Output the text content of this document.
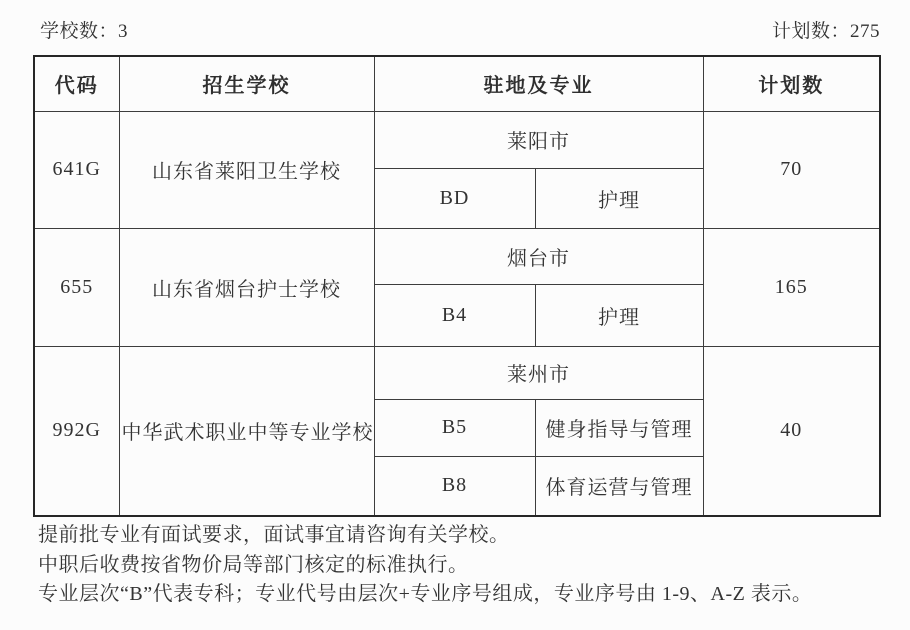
学校数：3	计划数：275
代码	招生学校	驻地及专业		计划数
641G	山东省莱阳卫生学校	莱阳市		70
		BD	护理	
655	山东省烟台护士学校	烟台市		165
		B4	护理	
992G	中华武术职业中等专业学校	莱州市		40
		B5	健身指导与管理	
		B8	体育运营与管理	
提前批专业有面试要求，面试事宜请咨询有关学校。
中职后收费按省物价局等部门核定的标准执行。
专业层次“B”代表专科；专业代号由层次+专业序号组成，专业序号由 1-9、A-Z 表示。
